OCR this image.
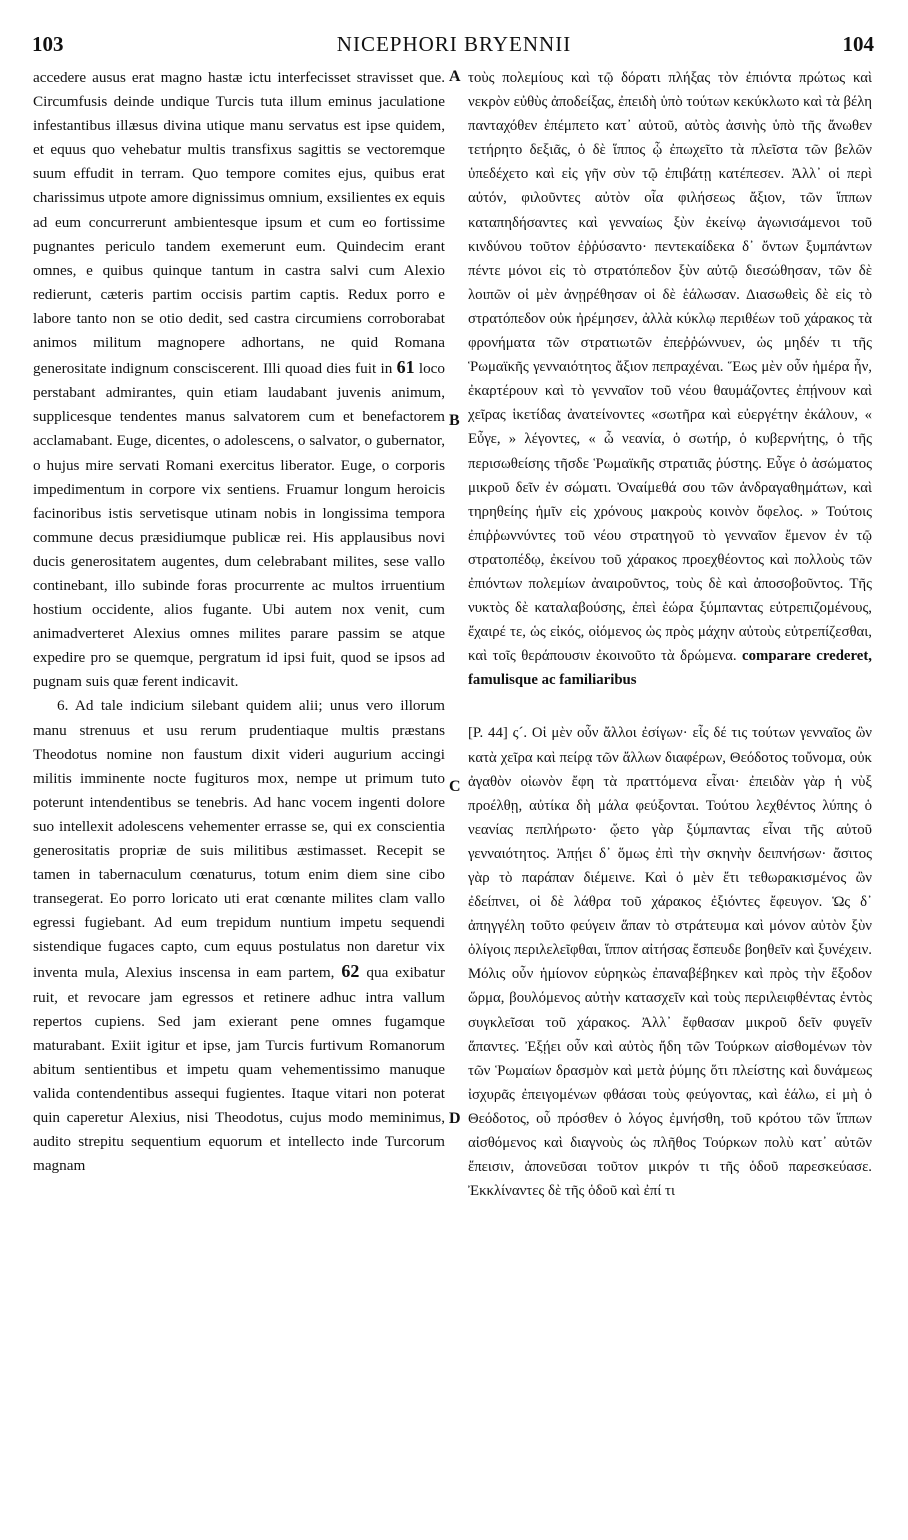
103	NICEPHORI BRYENNII	104
A
B
C
D

accedere ausus erat magno hastæ ictu interfecisset stravisset que. Circumfusis deinde undique Turcis tuta illum eminus jaculatione infestantibus illæsus divina utique manu servatus est ipse quidem, et equus quo vehebatur multis transfixus sagittis se vectoremque suum effudit in terram. Quo tempore comites ejus, quibus erat charissimus utpote amore dignissimus omnium, exsilientes ex equis ad eum concurrerunt ambientesque ipsum et cum eo fortissime pugnantes periculo tandem exemerunt eum. Quindecim erant omnes, e quibus quinque tantum in castra salvi cum Alexio redierunt, cæteris partim occisis partim captis. Redux porro e labore tanto non se otio dedit, sed castra circumiens corroborabat animos militum magnopere adhortans, ne quid Romana generositate indignum consciscerent. Illi quoad dies fuit in 61 loco perstabant admirantes, quin etiam laudabant juvenis animum, supplicesque tendentes manus salvatorem cum et benefactorem acclamabant. Euge, dicentes, o adolescens, o salvator, o gubernator, o hujus mire servati Romani exercitus liberator. Euge, o corporis impedimentum in corpore vix sentiens. Fruamur longum heroicis facinoribus istis servetisque utinam nobis in longissima tempora commune decus præsidiumque publicæ rei. His applausibus novi ducis generositatem augentes, dum celebrabant milites, sese vallo continebant, illo subinde foras procurrente ac multos irruentium hostium occidente, alios fugante. Ubi autem nox venit, cum animadverteret Alexius omnes milites parare passim se atque expedire pro se quemque, pergratum id ipsi fuit, quod se ipsos ad pugnam suis quæ ferent indicavit.

6. Ad tale indicium silebant quidem alii; unus vero illorum manu strenuus et usu rerum prudentiaque multis præstans Theodotus nomine non faustum dixit videri augurium accingi militis imminente nocte fugituros mox, nempe ut primum tuto poterunt intendentibus se tenebris. Ad hanc vocem ingenti dolore suo intellexit adolescens vehementer errasse se, qui ex conscientia generositatis propriæ de suis militibus æstimasset. Recepit se tamen in tabernaculum cœnaturus, totum enim diem sine cibo transegerat. Eo porro loricato uti erat cœnante milites clam vallo egressi fugiebant. Ad eum trepidum nuntium impetu sequendi sistendique fugaces capto, cum equus postulatus non daretur vix inventa mula, Alexius inscensa in eam partem, 62 qua exibatur ruit, et revocare jam egressos et retinere adhuc intra vallum repertos cupiens. Sed jam exierant pene omnes fugamque maturabant. Exiit igitur et ipse, jam Turcis furtivum Romanorum abitum sentientibus et impetu quam vehementissimo manuque valida contendentibus assequi fugientes. Itaque vitari non poterat quin caperetur Alexius, nisi Theodotus, cujus modo meminimus, audito strepitu sequentium equorum et intellecto inde Turcorum magnam

τοὺς πολεμίους καὶ τῷ δόρατι πλήξας τὸν ἐπιόντα πρώτως καὶ νεκρὸν εὐθὺς ἀποδείξας, ἐπειδὴ ὑπὸ τούτων κεκύκλωτο καὶ τὰ βέλη πανταχόθεν ἐπέμπετο κατ᾽ αὐτοῦ, αὐτὸς ἀσινὴς ὑπὸ τῆς ἄνωθεν τετήρητο δεξιᾶς, ὁ δὲ ἵππος ᾧ ἐπωχεῖτο τὰ πλεῖστα τῶν βελῶν ὑπεδέχετο καὶ εἰς γῆν σὺν τῷ ἐπιβάτῃ κατέπεσεν. Ἀλλ᾽ οἱ περὶ αὐτόν, φιλοῦντες αὐτὸν οἷα φιλήσεως ἄξιον, τῶν ἵππων καταπηδήσαντες καὶ γενναίως ξὺν ἐκείνῳ ἀγωνισάμενοι τοῦ κινδύνου τοῦτον ἐῤῥύσαντο· πεντεκαίδεκα δ᾽ ὄντων ξυμπάντων πέντε μόνοι εἰς τὸ στρατόπεδον ξὺν αὐτῷ διεσώθησαν, τῶν δὲ λοιπῶν οἱ μὲν ἀνῃρέθησαν οἱ δὲ ἑάλωσαν. Διασωθεὶς δὲ εἰς τὸ στρατόπεδον οὐκ ἠρέμησεν, ἀλλὰ κύκλῳ περιθέων τοῦ χάρακος τὰ φρονήματα τῶν στρατιωτῶν ἐπεῤῥώννυεν, ὡς μηδέν τι τῆς Ῥωμαϊκῆς γενναιότητος ἄξιον πεπραχέναι. Ἕως μὲν οὖν ἡμέρα ἦν, ἐκαρτέρουν καὶ τὸ γενναῖον τοῦ νέου θαυμάζοντες ἐπῄνουν καὶ χεῖρας ἱκετίδας ἀνατείνοντες «σωτῆρα καὶ εὐεργέτην ἐκάλουν, « Εὖγε, » λέγοντες, « ὦ νεανία, ὁ σωτήρ, ὁ κυβερνήτης, ὁ τῆς περισωθείσης τῆσδε Ῥωμαϊκῆς στρατιᾶς ῥύστης. Εὖγε ὁ ἀσώματος μικροῦ δεῖν ἐν σώματι. Ὀναίμεθά σου τῶν ἀνδραγαθημάτων, καὶ τηρηθείης ἡμῖν εἰς χρόνους μακροὺς κοινὸν ὄφελος. » Τούτοις ἐπιῤῥωννύντες τοῦ νέου στρατηγοῦ τὸ γενναῖον ἔμενον ἐν τῷ στρατοπέδῳ, ἐκείνου τοῦ χάρακος προεχθέοντος καὶ πολλοὺς τῶν ἐπιόντων πολεμίων ἀναιροῦντος, τοὺς δὲ καὶ ἀποσοβοῦντος. Τῆς νυκτὸς δὲ καταλαβούσης, ἐπεὶ ἑώρα ξύμπαντας εὐτρεπιζομένους, ἔχαιρέ τε, ὡς εἰκός, οἰόμενος ὡς πρὸς μάχην αὐτοὺς εὐτρεπίζεσθαι, καὶ τοῖς θεράπουσιν ἐκοινοῦτο τὰ δρώμενα. comparare crederet, famulisque ac familiaribus

[P. 44] ς´. Οἱ μὲν οὖν ἄλλοι ἐσίγων· εἷς δέ τις τούτων γενναῖος ὢν κατὰ χεῖρα καὶ πείρᾳ τῶν ἄλλων διαφέρων, Θεόδοτος τοὔνομα, οὐκ ἀγαθὸν οἰωνὸν ἔφη τὰ πραττόμενα εἶναι· ἐπειδὰν γὰρ ἡ νὺξ προέλθῃ, αὐτίκα δὴ μάλα φεύξονται. Τούτου λεχθέντος λύπης ὁ νεανίας πεπλήρωτο· ᾤετο γὰρ ξύμπαντας εἶναι τῆς αὐτοῦ γενναιότητος. Ἀπῄει δ᾽ ὅμως ἐπὶ τὴν σκηνὴν δειπνήσων· ἄσιτος γὰρ τὸ παράπαν διέμεινε. Καὶ ὁ μὲν ἔτι τεθωρακισμένος ὢν ἐδείπνει, οἱ δὲ λάθρα τοῦ χάρακος ἐξιόντες ἔφευγον. Ὡς δ᾽ ἀπηγγέλη τοῦτο φεύγειν ἅπαν τὸ στράτευμα καὶ μόνον αὐτὸν ξὺν ὀλίγοις περιλελεῖφθαι, ἵππον αἰτήσας ἔσπευδε βοηθεῖν καὶ ξυνέχειν. Μόλις οὖν ἡμίονον εὑρηκὼς ἐπαναβέβηκεν καὶ πρὸς τὴν ἔξοδον ὥρμα, βουλόμενος αὐτὴν κατασχεῖν καὶ τοὺς περιλειφθέντας ἐντὸς συγκλεῖσαι τοῦ χάρακος. Ἀλλ᾽ ἔφθασαν μικροῦ δεῖν φυγεῖν ἅπαντες. Ἐξῄει οὖν καὶ αὐτὸς ἤδη τῶν Τούρκων αἰσθομένων τὸν τῶν Ῥωμαίων δρασμὸν καὶ μετὰ ῥύμης ὅτι πλείστης καὶ δυνάμεως ἰσχυρᾶς ἐπειγομένων φθάσαι τοὺς φεύγοντας, καὶ ἑάλω, εἰ μὴ ὁ Θεόδοτος, οὗ πρόσθεν ὁ λόγος ἐμνήσθη, τοῦ κρότου τῶν ἵππων αἰσθόμενος καὶ διαγνοὺς ὡς πλῆθος Τούρκων πολὺ κατ᾽ αὐτῶν ἔπεισιν, ἀπονεῦσαι τοῦτον μικρόν τι τῆς ὁδοῦ παρεσκεύασε. Ἐκκλίναντες δὲ τῆς ὁδοῦ καὶ ἐπί τι
